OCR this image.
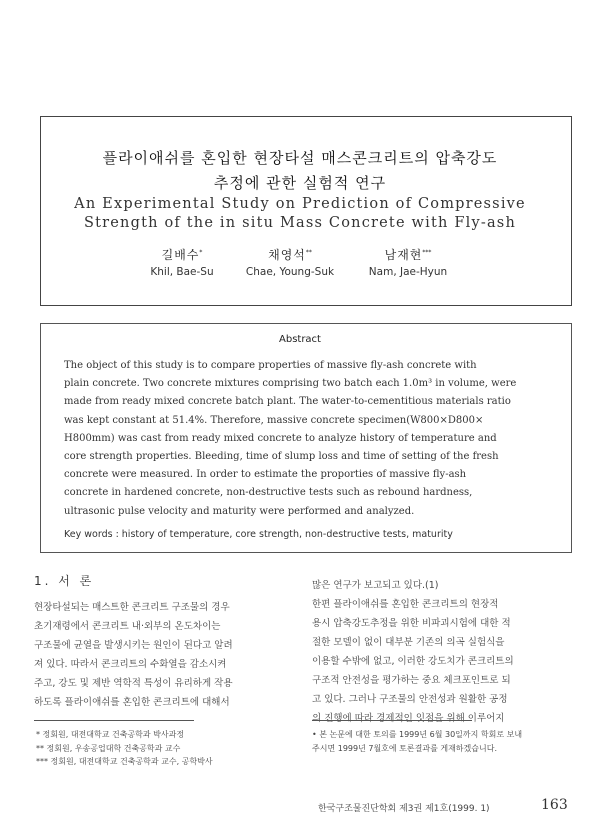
플라이애쉬를 혼입한 현장타설 매스콘크리트의 압축강도
추정에 관한 실험적 연구
An Experimental Study on Prediction of Compressive
Strength of the in situ Mass Concrete with Fly-ash
길배수*
Khil, Bae-Su
채영석**
Chae, Young-Suk
남재현***
Nam, Jae-Hyun
Abstract
The object of this study is to compare properties of massive fly-ash concrete with
plain concrete. Two concrete mixtures comprising two batch each 1.0m³ in volume, were
made from ready mixed concrete batch plant. The water-to-cementitious materials ratio
was kept constant at 51.4%. Therefore, massive concrete specimen(W800×D800×
H800mm) was cast from ready mixed concrete to analyze history of temperature and
core strength properties. Bleeding, time of slump loss and time of setting of the fresh
concrete were measured. In order to estimate the proporties of massive fly-ash
concrete in hardened concrete, non-destructive tests such as rebound hardness,
ultrasonic pulse velocity and maturity were performed and analyzed.
Key words : history of temperature, core strength, non-destructive tests, maturity
1. 서 론
현장타설되는 매스트한 콘크리트 구조물의 경우
초기재령에서 콘크리트 내·외부의 온도차이는
구조물에 균열을 발생시키는 원인이 된다고 알려
져 있다. 따라서 콘크리트의 수화열을 감소시켜
주고, 강도 및 제반 역학적 특성이 유리하게 작용
하도록 플라이애쉬를 혼입한 콘크리트에 대해서
많은 연구가 보고되고 있다.(1)
한편 플라이애쉬를 혼입한 콘크리트의 현장적
용시 압축강도추정을 위한 비파괴시험에 대한 적
절한 모델이 없이 대부분 기존의 의곡 실험식을
이용할 수밖에 없고, 이러한 강도치가 콘크리트의
구조적 안전성을 평가하는 중요 체크포인트로 되
고 있다. 그러나 구조물의 안전성과 원활한 공정
의 진행에 따라 경제적인 잇점을 위해 이루어지
* 정회원, 대전대학교 건축공학과 박사과정
** 정회원, 우송공업대학 건축공학과 교수
*** 정회원, 대전대학교 건축공학과 교수, 공학박사
• 본 논문에 대한 토의를 1999년 6월 30일까지 학회로 보내
주시면 1999년 7월호에 토론결과를 게재하겠습니다.
한국구조물진단학회 제3권 제1호(1999. 1)	163
